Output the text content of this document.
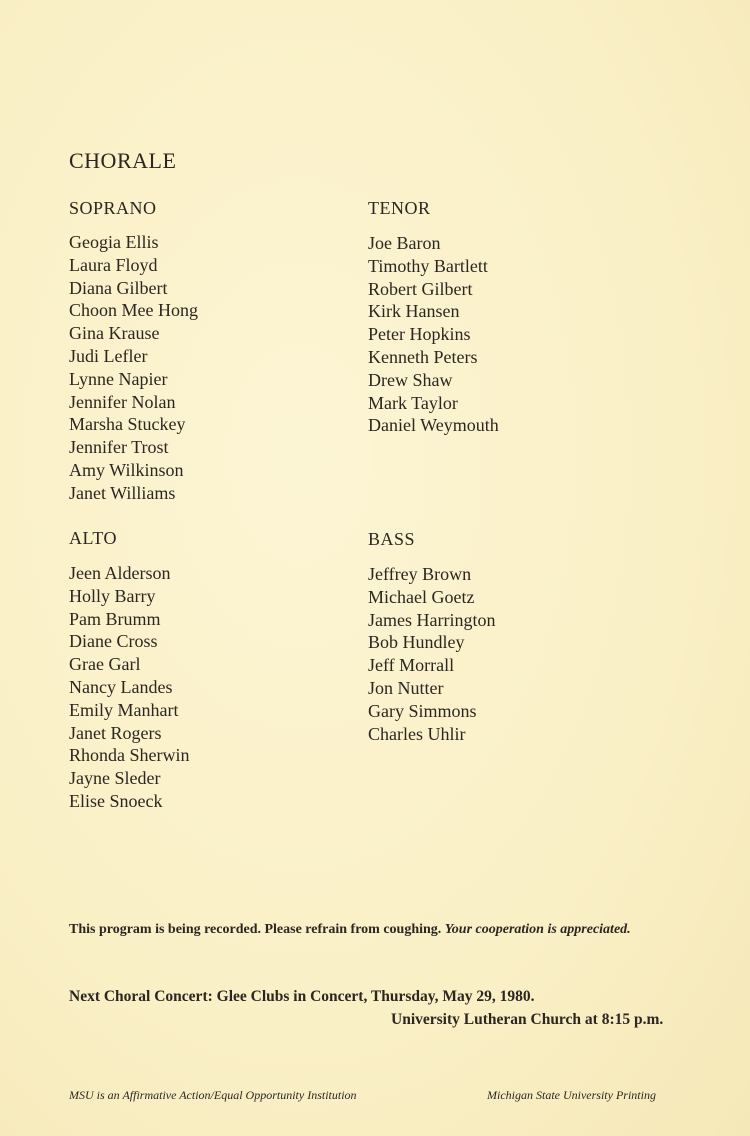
CHORALE
SOPRANO
Geogia Ellis
Laura Floyd
Diana Gilbert
Choon Mee Hong
Gina Krause
Judi Lefler
Lynne Napier
Jennifer Nolan
Marsha Stuckey
Jennifer Trost
Amy Wilkinson
Janet Williams
TENOR
Joe Baron
Timothy Bartlett
Robert Gilbert
Kirk Hansen
Peter Hopkins
Kenneth Peters
Drew Shaw
Mark Taylor
Daniel Weymouth
ALTO
Jeen Alderson
Holly Barry
Pam Brumm
Diane Cross
Grae Garl
Nancy Landes
Emily Manhart
Janet Rogers
Rhonda Sherwin
Jayne Sleder
Elise Snoeck
BASS
Jeffrey Brown
Michael Goetz
James Harrington
Bob Hundley
Jeff Morrall
Jon Nutter
Gary Simmons
Charles Uhlir
This program is being recorded. Please refrain from coughing. Your cooperation is appreciated.
Next Choral Concert: Glee Clubs in Concert, Thursday, May 29, 1980.
University Lutheran Church at 8:15 p.m.
MSU is an Affirmative Action/Equal Opportunity Institution	Michigan State University Printing
